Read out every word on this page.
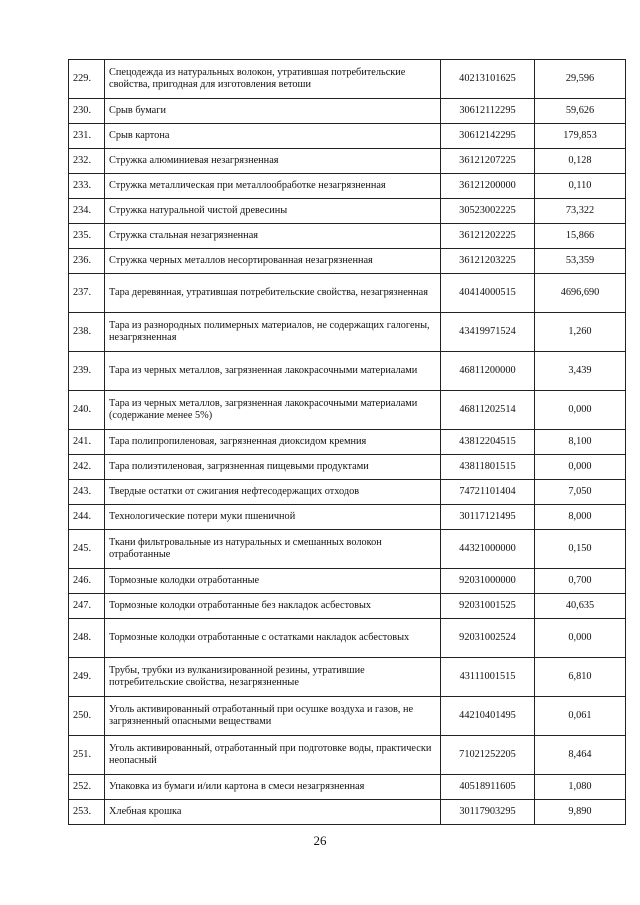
229.	Спецодежда из натуральных волокон, утратившая потребительские свойства, пригодная для изготовления ветоши	40213101625	29,596
230.	Срыв бумаги	30612112295	59,626
231.	Срыв картона	30612142295	179,853
232.	Стружка алюминиевая незагрязненная	36121207225	0,128
233.	Стружка металлическая при металлообработке незагрязненная	36121200000	0,110
234.	Стружка натуральной чистой древесины	30523002225	73,322
235.	Стружка стальная незагрязненная	36121202225	15,866
236.	Стружка черных металлов несортированная незагрязненная	36121203225	53,359
237.	Тара деревянная, утратившая потребительские свойства, незагрязненная	40414000515	4696,690
238.	Тара из разнородных полимерных материалов, не содержащих галогены, незагрязненная	43419971524	1,260
239.	Тара из черных металлов, загрязненная лакокрасочными материалами	46811200000	3,439
240.	Тара из черных металлов, загрязненная лакокрасочными материалами (содержание менее 5%)	46811202514	0,000
241.	Тара полипропиленовая, загрязненная диоксидом кремния	43812204515	8,100
242.	Тара полиэтиленовая, загрязненная пищевыми продуктами	43811801515	0,000
243.	Твердые остатки от сжигания нефтесодержащих отходов	74721101404	7,050
244.	Технологические потери муки пшеничной	30117121495	8,000
245.	Ткани фильтровальные из натуральных и смешанных волокон отработанные	44321000000	0,150
246.	Тормозные колодки отработанные	92031000000	0,700
247.	Тормозные колодки отработанные без накладок асбестовых	92031001525	40,635
248.	Тормозные колодки отработанные с остатками накладок асбестовых	92031002524	0,000
249.	Трубы, трубки из вулканизированной резины, утратившие потребительские свойства, незагрязненные	43111001515	6,810
250.	Уголь активированный отработанный при осушке воздуха и газов, не загрязненный опасными веществами	44210401495	0,061
251.	Уголь активированный, отработанный при подготовке воды, практически неопасный	71021252205	8,464
252.	Упаковка из бумаги и/или картона в смеси незагрязненная	40518911605	1,080
253.	Хлебная крошка	30117903295	9,890
26
